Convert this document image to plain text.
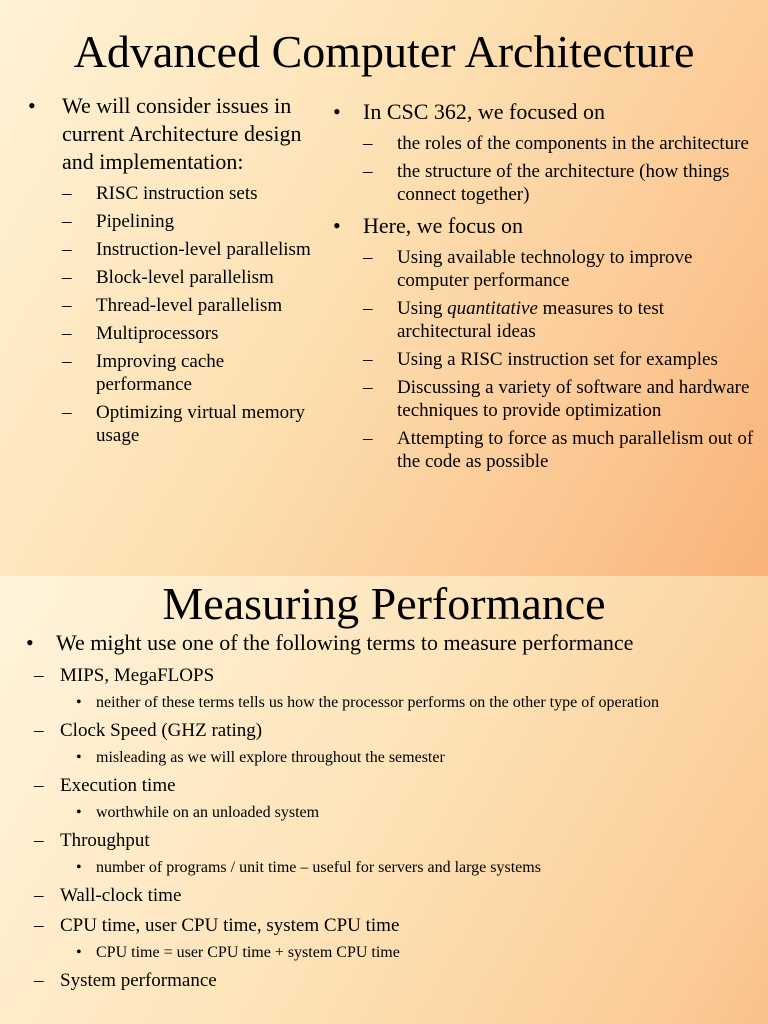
Advanced Computer Architecture
•	We will consider issues in current Architecture design and implementation:
–	RISC instruction sets
–	Pipelining
–	Instruction-level parallelism
–	Block-level parallelism
–	Thread-level parallelism
–	Multiprocessors
–	Improving cache performance
–	Optimizing virtual memory usage
•	In CSC 362, we focused on
–	the roles of the components in the architecture
–	the structure of the architecture (how things connect together)
•	Here, we focus on
–	Using available technology to improve computer performance
–	Using quantitative measures to test architectural ideas
–	Using a RISC instruction set for examples
–	Discussing a variety of software and hardware techniques to provide optimization
–	Attempting to force as much parallelism out of the code as possible
Measuring Performance
•	We might use one of the following terms to measure performance
– MIPS, MegaFLOPS
• neither of these terms tells us how the processor performs on the other type of operation
– Clock Speed (GHZ rating)
• misleading as we will explore throughout the semester
– Execution time
• worthwhile on an unloaded system
– Throughput
• number of programs / unit time – useful for servers and large systems
– Wall-clock time
– CPU time, user CPU time, system CPU time
• CPU time = user CPU time + system CPU time
– System performance
